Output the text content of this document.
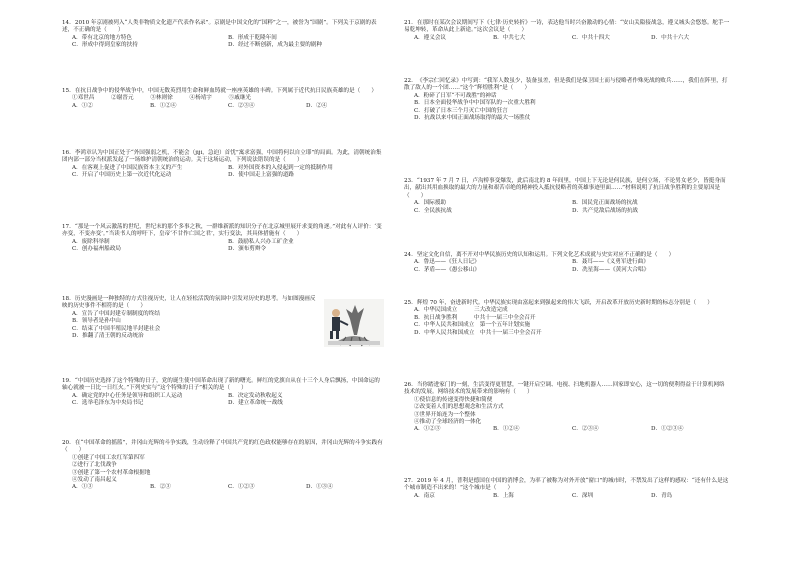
14. 2010 年京剧被列入“人类非物质文化遗产代表作名录”。京剧是中国文化的“国粹”之一，被誉为“国剧”。下列关于京剧的表述，不正确的是（　　）

A．带有北京的地方特色	B．形成于乾隆年间
C．形成中得到皇家的扶持	D．经过不断创新，成为最主要的剧种

15. 在抗日战争中的侵华战争中，中国无数英烈用生命和鲜血铸就一座座英雄的丰碑。下列属于近代抗日民族英雄的是（　　）

①邓世昌　　　②谢晋元　　　③林则徐　　　④杨靖宇　　　⑤戚继光

A．①②	B．①②④	C．②③④	D．②④

16. 李鸿章认为中国正处于“外国强弱之机，不能会（jiji，急迫）首忧”寓求富强，中国将何以自立耶”的局面。为此，清朝统治集团内部一部分当权派发起了一场维护清朝统治的运动。关于这场运动，下列说法错误的是（　　）

A．在客观上促进了中国民族资本主义的产生	B．对外国资本的入侵起到一定的抵制作用
C．开启了中国历史上第一次近代化运动	D．使中国走上富强的道路

17. “那是一个风云激荡的世纪，世纪末的那个多事之秋，一群维新派的知识分子在北京城里展开求变的角逐。”对此有人评价：‘变亦变，不变亦变’。”当读书人的呼吁下，皇帝‘不甘作亡国之君’，实行变法，其具体措施有（　　）

A．废除科举制	B．鼓励私人兴办工矿企业
C．创办福州船政局	D．颁布剪辫令

18. 历史漫画是一种独特的方式往视历史，让人在轻松活泼的氛围中引发对历史的思考。与如图漫画反映的历史事件不相符的是（　　）

A．宣告了中国封建专制制度的终结
B．领导者是孙中山
C．结束了中国半殖民地半封建社会
D．推翻了清王朝的反动统治

19. “中国历史选择了这个特殊的日子，党的诞生使中国革命出现了新的曙光。鲜红的党旗自从在十三个人身后飘扬，中国命运的轴心就被一日比一日红火。”下列史实与“这个特殊的日子”相关的是（　　）

A．确定党的中心任务是领导和组织工人运动	B．决定发动秋收起义
C．选举毛泽东为中央局书记	D．建立革命统一战线

20. 在“中国革命的摇篮”，井冈山光辉的斗争实践，生动诠释了中国共产党的红色政权能够存在的原因，井冈山光辉的斗争实践有（　　）

①创建了中国工农红军第四军

②进行了北伐战争

③创建了第一个农村革命根据地

④发动了南昌起义

A．①③	B．②③	C．①②③	D．①③④

21. 在那时在某次会议期间写下《七律·历史转折》一诗，表达他当时兴奋激动的心情：“安山关隘接战急，遵义城头会悠悠。舵手一易乾坤转，革命从此上新途。”这次会议是（　　）

A．遵义会议	B．中共七大	C．中共十四大	D．中共十六大

22. 《李宗仁回忆录》中写到：“我军人数虽少，装备虽差，但是我们是保卫国土而与侵略者作殊死战的败兵……，我们在阵里，打散了敌人的一个团……”这个“辉煌胜利”是（　　）

A．粉碎了日军“不可战胜”的神话
B．日本全面侵华战争中中国军队的一次重大胜利
C．打破了日本三个月灭亡中国的狂言
D．抗战以来中国正面战场取得的最大一场胜仗

23. “1937 年 7 月 7 日，卢沟桥事变爆发，此后南北的 8 年间里，中国上下无论是何民族，是何立场，不论男女老少，皆挺身而出，献出其用血换取的最大的力量和艰苦卓绝的精神投入抵抗侵略者的英雄事迹里面……”材料说明了抗日战争胜利的主要原因是（　　）

A．国际援助	B．国民党正面战场的抗战
C．全民族抗战	D．共产党敌后战场的抗战

24. 坚定文化自信，离不开对中华民族历史的认知和运用。下列文化艺术成就与史实对应不正确的是（　　）

A．鲁迅——《狂人日记》	B．聂耳——《义勇军进行曲》
C．茅盾——《愚公移山》	D．冼星海——《黄河大合唱》

25. 辉煌 70 年，奋进新时代。中华民族实现由富起来到强起来的伟大飞跃，开启改革开放历史新时期的标志分别是（　　）

A．中华民国成立　　　三大改造完成
B．抗日战争胜利　　　中共十一届三中全会召开
C．中华人民共和国成立　第一个五年计划实施
D．中华人民共和国成立　中共十一届三中全会召开

26. 当你踏进家门的一刻，生活变得更智慧，一键开启空调、电视、扫地机器人……回家即安心，这一切的便利得益于计算机网络技术的发展。网络技术的发展带来的影响有（　　）

①使信息的传递变得快捷和简便

②改变着人们的思想观念和生活方式

③世界开始连为一个整体

④推动了全球经济的一体化

A．①②③	B．①②④	C．②③④	D．①②③④

27. 2019 年 4 月，普利是德国在中国的消博会，为率了被称为对外开放“窗口”的城市时，不禁发出了这样的感叹：“还有什么是这个城市制造不出来的！”这个城市是（　　）

A．南京	B．上海	C．深圳	D．青岛
